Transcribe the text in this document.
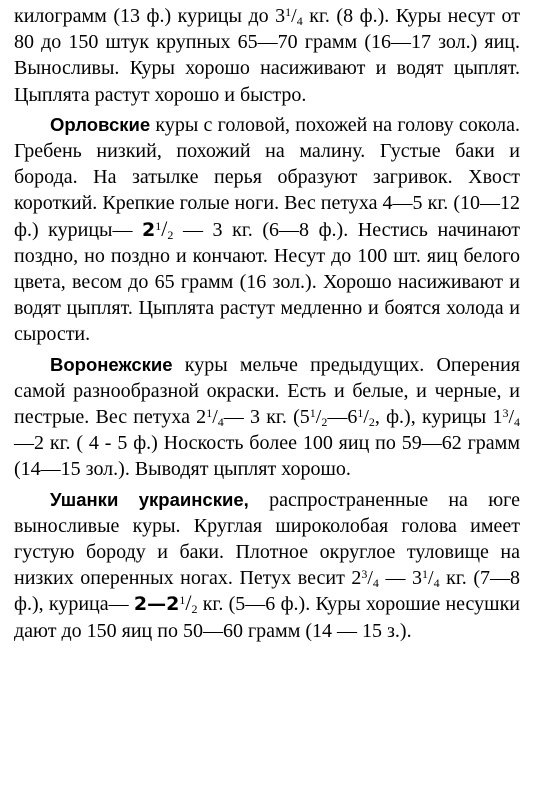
килограмм (13 ф.) курицы до $3^1/_4$ кг. (8 ф.). Куры несут от 80 до 150 штук крупных 65—70 грамм (16—17 зол.) яиц. Выносливы. Куры хорошо насиживают и водят цыплят. Цыплята растут хорошо и быстро.

Орловские куры с головой, похожей на голову сокола. Гребень низкий, похожий на малину. Густые баки и борода. На затылке перья образуют загривок. Хвост короткий. Крепкие голые ноги. Вес петуха 4—5 кг. (10—12 ф.) курицы— $2^1/_2$ — 3 кг. (6—8 ф.). Нестись начинают поздно, но поздно и кончают. Несут до 100 шт. яиц белого цвета, весом до 65 грамм (16 зол.). Хорошо насиживают и водят цыплят. Цыплята растут медленно и боятся холода и сырости.

Воронежские куры мельче предыдущих. Оперения самой разнообразной окраски. Есть и белые, и черные, и пестрые. Вес петуха $2^1/_4—$ 3 кг. ($5^1/_2—6^1/_2$, ф.), курицы $1^3/_4—2$ кг. ( 4 - 5 ф.) Носкость более 100 яиц по 59—62 грамм (14—15 зол.). Выводят цыплят хорошо.

Ушанки украинские, распространенные на юге выносливые куры. Круглая широколобая голова имеет густую бороду и баки. Плотное округлое туловище на низких оперенных ногах. Петух весит $2^3/_4$ — $3^1/_4$ кг. (7—8 ф.), курица— $2—2^1/_2$ кг. (5—6 ф.). Куры хорошие несушки дают до 150 яиц по 50—60 грамм (14 — 15 з.).
